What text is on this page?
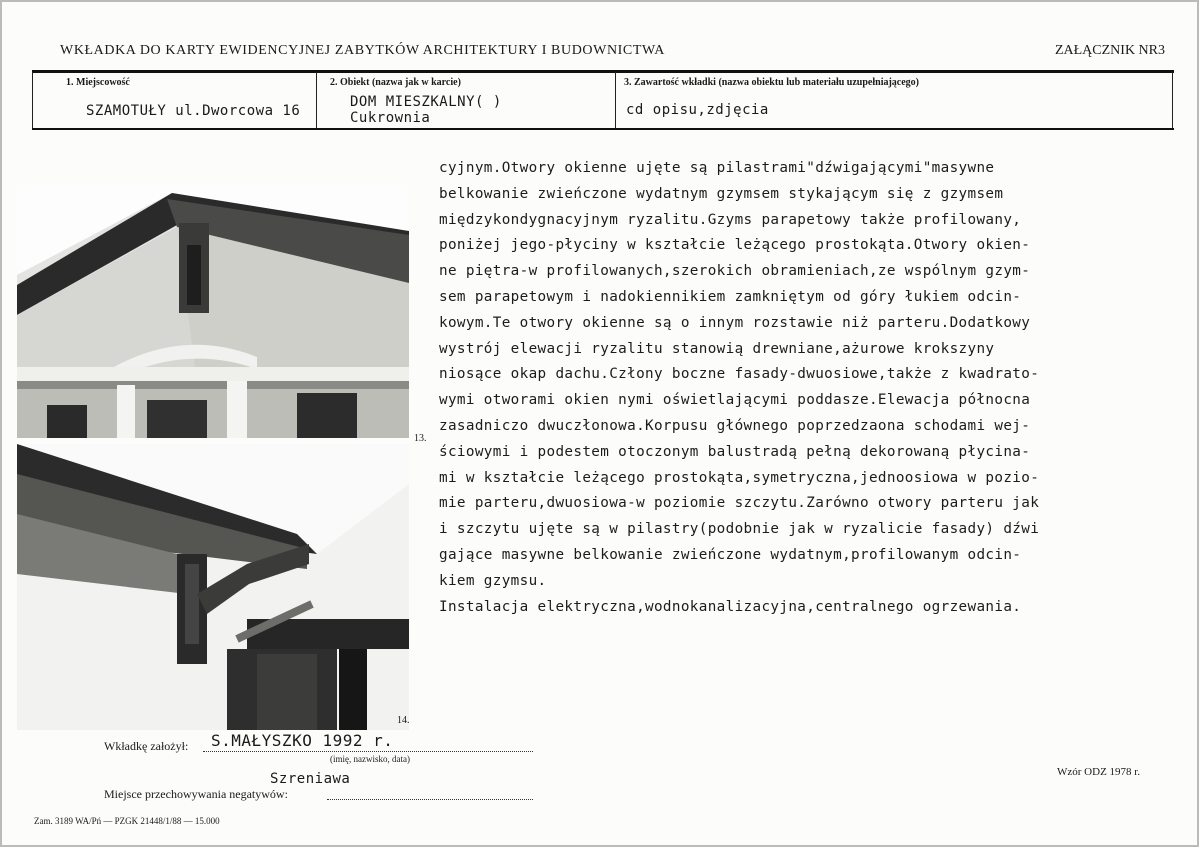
WKŁADKA DO KARTY EWIDENCYJNEJ ZABYTKÓW ARCHITEKTURY I BUDOWNICTWA	ZAŁĄCZNIK NR3
1. Miejscowość
SZAMOTUŁY ul.Dworcowa 16
2. Obiekt (nazwa jak w karcie)
DOM MIESZKALNY( )
Cukrownia
3. Zawartość wkładki (nazwa obiektu lub materiału uzupełniającego)
cd opisu,zdjęcia
13.
14.
cyjnym.Otwory okienne ujęte są pilastrami"dźwigającymi"masywne
belkowanie zwieńczone wydatnym gzymsem stykającym się z gzymsem
międzykondygnacyjnym ryzalitu.Gzyms parapetowy także profilowany,
poniżej jego-płyciny w kształcie leżącego prostokąta.Otwory okien-
ne piętra-w profilowanych,szerokich obramieniach,ze wspólnym gzym-
sem parapetowym i nadokiennikiem zamkniętym od góry łukiem odcin-
kowym.Te otwory okienne są o innym rozstawie niż parteru.Dodatkowy
wystrój elewacji ryzalitu stanowią drewniane,ażurowe krokszyny
niosące okap dachu.Człony boczne fasady-dwuosiowe,także z kwadrato-
wymi otworami okien nymi oświetlającymi poddasze.Elewacja północna
zasadniczo dwuczłonowa.Korpusu głównego poprzedzaona schodami wej-
ściowymi i podestem otoczonym balustradą pełną dekorowaną płycina-
mi w kształcie leżącego prostokąta,symetryczna,jednoosiowa w pozio-
mie parteru,dwuosiowa-w poziomie szczytu.Zarówno otwory parteru jak
i szczytu ujęte są w pilastry(podobnie jak w ryzalicie fasady) dźwi
gające masywne belkowanie zwieńczone wydatnym,profilowanym odcin-
kiem gzymsu.
Instalacja elektryczna,wodnokanalizacyjna,centralnego ogrzewania.
Wkładkę założył: S.MAŁYSZKO 1992 r.
(imię, nazwisko, data)
Szreniawa
Miejsce przechowywania negatywów:
Wzór ODZ 1978 r.
Zam. 3189 WA/Pń — PZGK 21448/1/88 — 15.000
